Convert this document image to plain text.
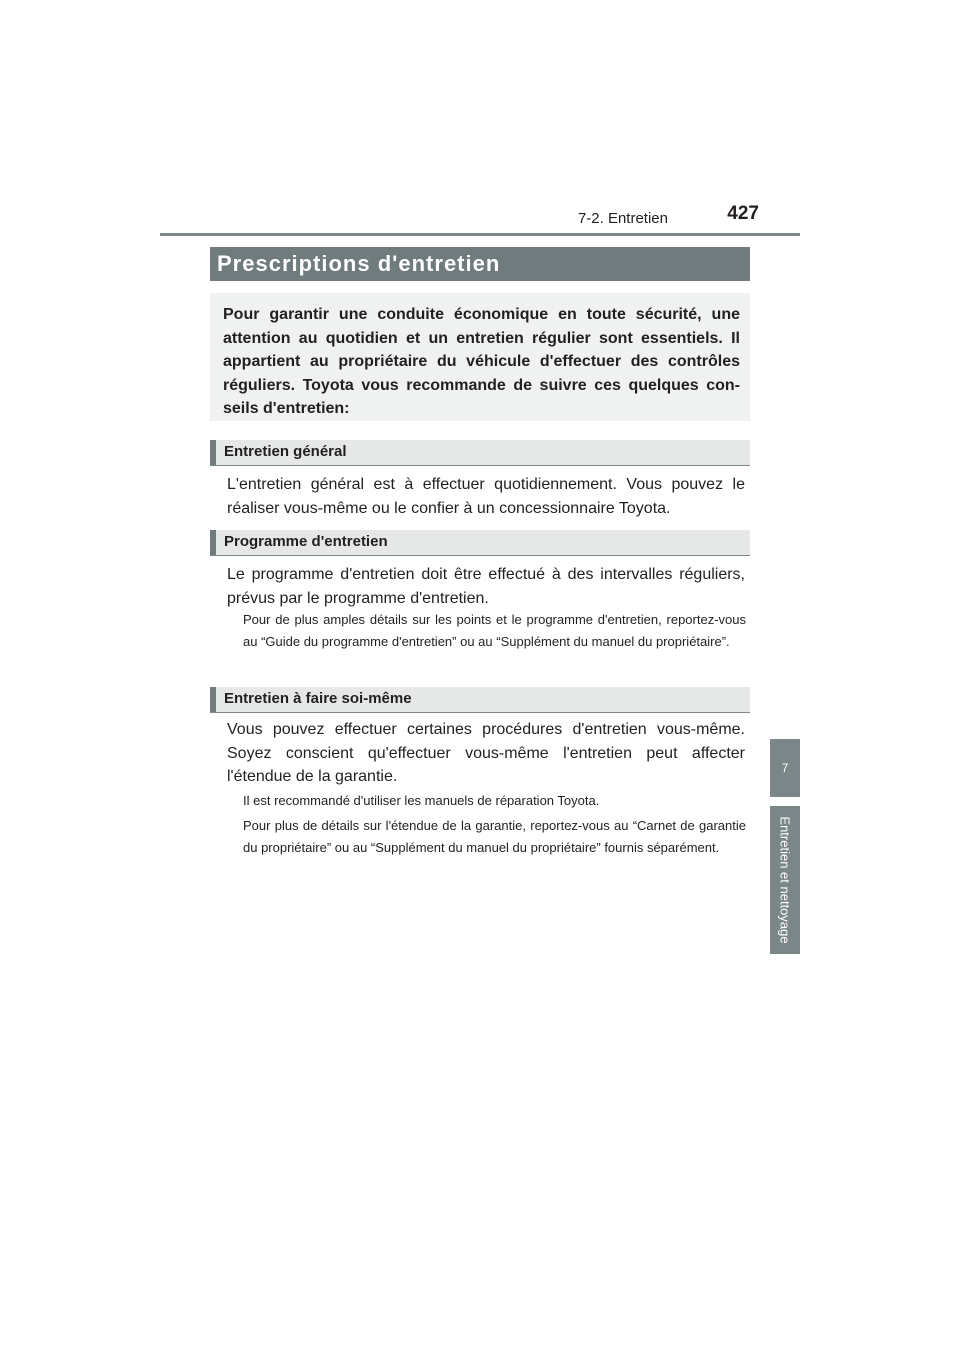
7-2. Entretien	427
7
Entretien et nettoyage
Prescriptions d'entretien

Pour garantir une conduite économique en toute sécurité, une attention au quotidien et un entretien régulier sont essentiels. Il appartient au propriétaire du véhicule d'effectuer des contrôles réguliers. Toyota vous recommande de suivre ces quelques con-seils d'entretien:

Entretien général

L'entretien général est à effectuer quotidiennement. Vous pouvez le réaliser vous-même ou le confier à un concessionnaire Toyota.

Programme d'entretien

Le programme d'entretien doit être effectué à des intervalles réguliers, prévus par le programme d'entretien.

Pour de plus amples détails sur les points et le programme d'entretien, reportez-vous au “Guide du programme d'entretien” ou au “Supplément du manuel du propriétaire”.

Entretien à faire soi-même

Vous pouvez effectuer certaines procédures d'entretien vous-même. Soyez conscient qu'effectuer vous-même l'entretien peut affecter l'étendue de la garantie.

Il est recommandé d'utiliser les manuels de réparation Toyota.

Pour plus de détails sur l'étendue de la garantie, reportez-vous au “Carnet de garantie du propriétaire” ou au “Supplément du manuel du propriétaire” fournis séparément.
